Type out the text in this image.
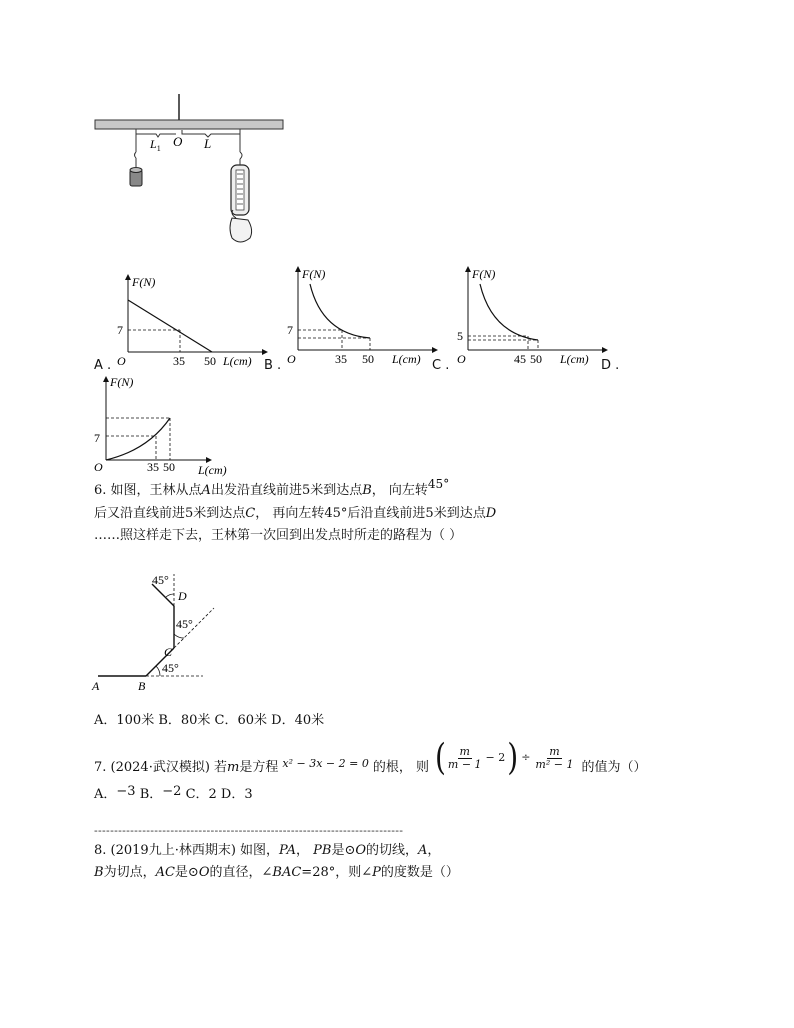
$L_1$ O L
F(N)
O
7
35 50 L(cm)
A .
F(N)
O
7
35 50 L(cm)
B .
F(N)
O
5
45 50 L(cm)
C .	D .
F(N)
O
7
35 50 L(cm)
6. 如图，王林从点A出发沿直线前进5米到达点B， 向左转45°
后又沿直线前进5米到达点C， 再向左转45°后沿直线前进5米到达点D
……照这样走下去，王林第一次回到出发点时所走的路程为（ ）
A	B
C
D
45°
45°
45°
A．100米 B．80米 C．60米 D．40米
7. (2024·武汉模拟) 若 m 是方程 x² − 3x − 2 = 0 的根， 则 ( $\frac{m}{m - 1} - 2$ ) ÷ $\frac{m}{\text{m² − 1}}$ 的值为（）
A．−3 B．−2 C．2 D．3
-----------------------------------------------------------------------------
8. (2019九上·林西期末) 如图，PA， PB是⊙O的切线，A，
B为切点，AC是⊙O的直径，∠BAC=28°，则∠P的度数是（）
